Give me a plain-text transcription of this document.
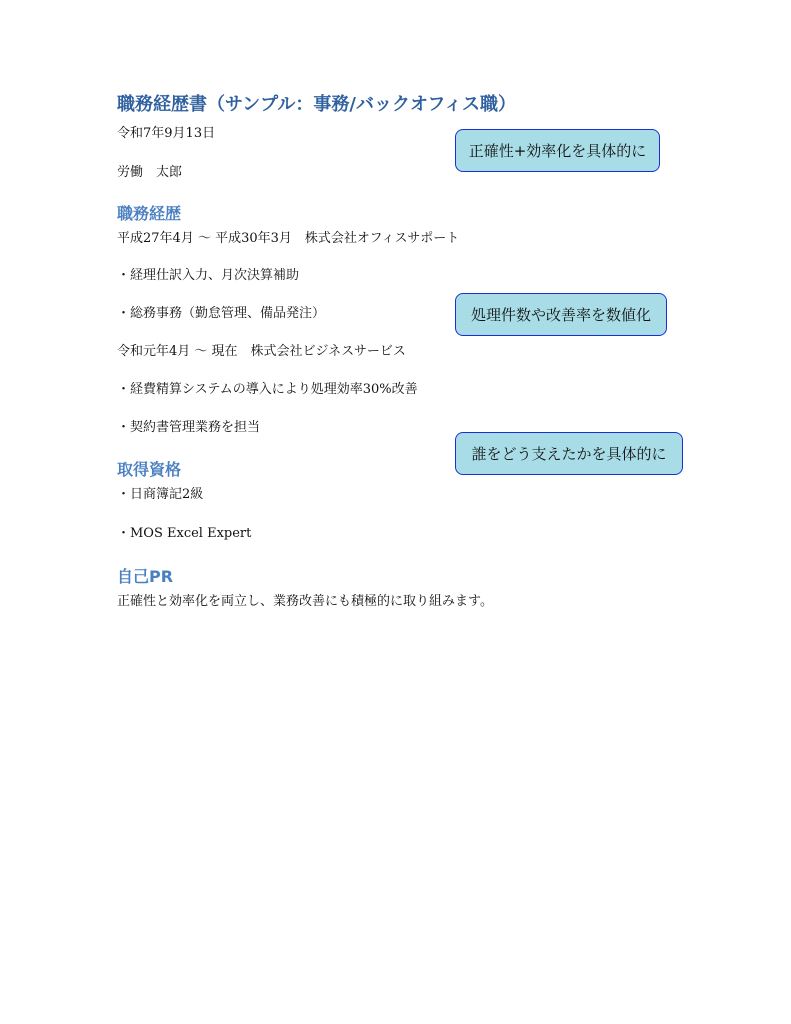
職務経歴書（サンプル：事務/バックオフィス職）
令和7年9月13日
労働　太郎
職務経歴
平成27年4月 〜 平成30年3月　株式会社オフィスサポート
・経理仕訳入力、月次決算補助
・総務事務（勤怠管理、備品発注）
令和元年4月 〜 現在　株式会社ビジネスサービス
・経費精算システムの導入により処理効率30%改善
・契約書管理業務を担当
取得資格
・日商簿記2級
・MOS Excel Expert
自己PR
正確性と効率化を両立し、業務改善にも積極的に取り組みます。
正確性+効率化を具体的に
処理件数や改善率を数値化
誰をどう支えたかを具体的に
